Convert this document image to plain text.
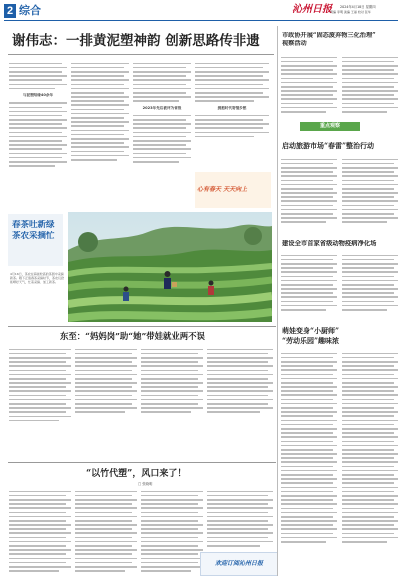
2 综合	沁州日报 2024年4月18日 星期四
责编 李明 美编 王丽 校对 张华
谢伟志：一排黄泥塑神韵 创新思路传非遗
与泥塑结缘40余年
2023年先后被评为省级	拥抱时代寄情乡愁
心有春天 天天向上
春茶吐新绿
茶农采摘忙
4月16日，茶农在海拔较高的茶园中采摘新茶。眼下正值春茶采摘时节，茶农们抢抓晴好天气，忙着采摘、加工新茶。
市政协开展“固态废弃物三化治理”
视察活动
重点观察
启动旅游市场“春雷”整治行动
建设全市首家省级动物疫病净化场
东至：“妈妈岗”助“她”带娃就业两不误
“以竹代塑”，风口来了！
□ 张晓明
欢迎订阅沁州日报
萌娃变身“小厨师”
“劳动乐园”趣味浓
